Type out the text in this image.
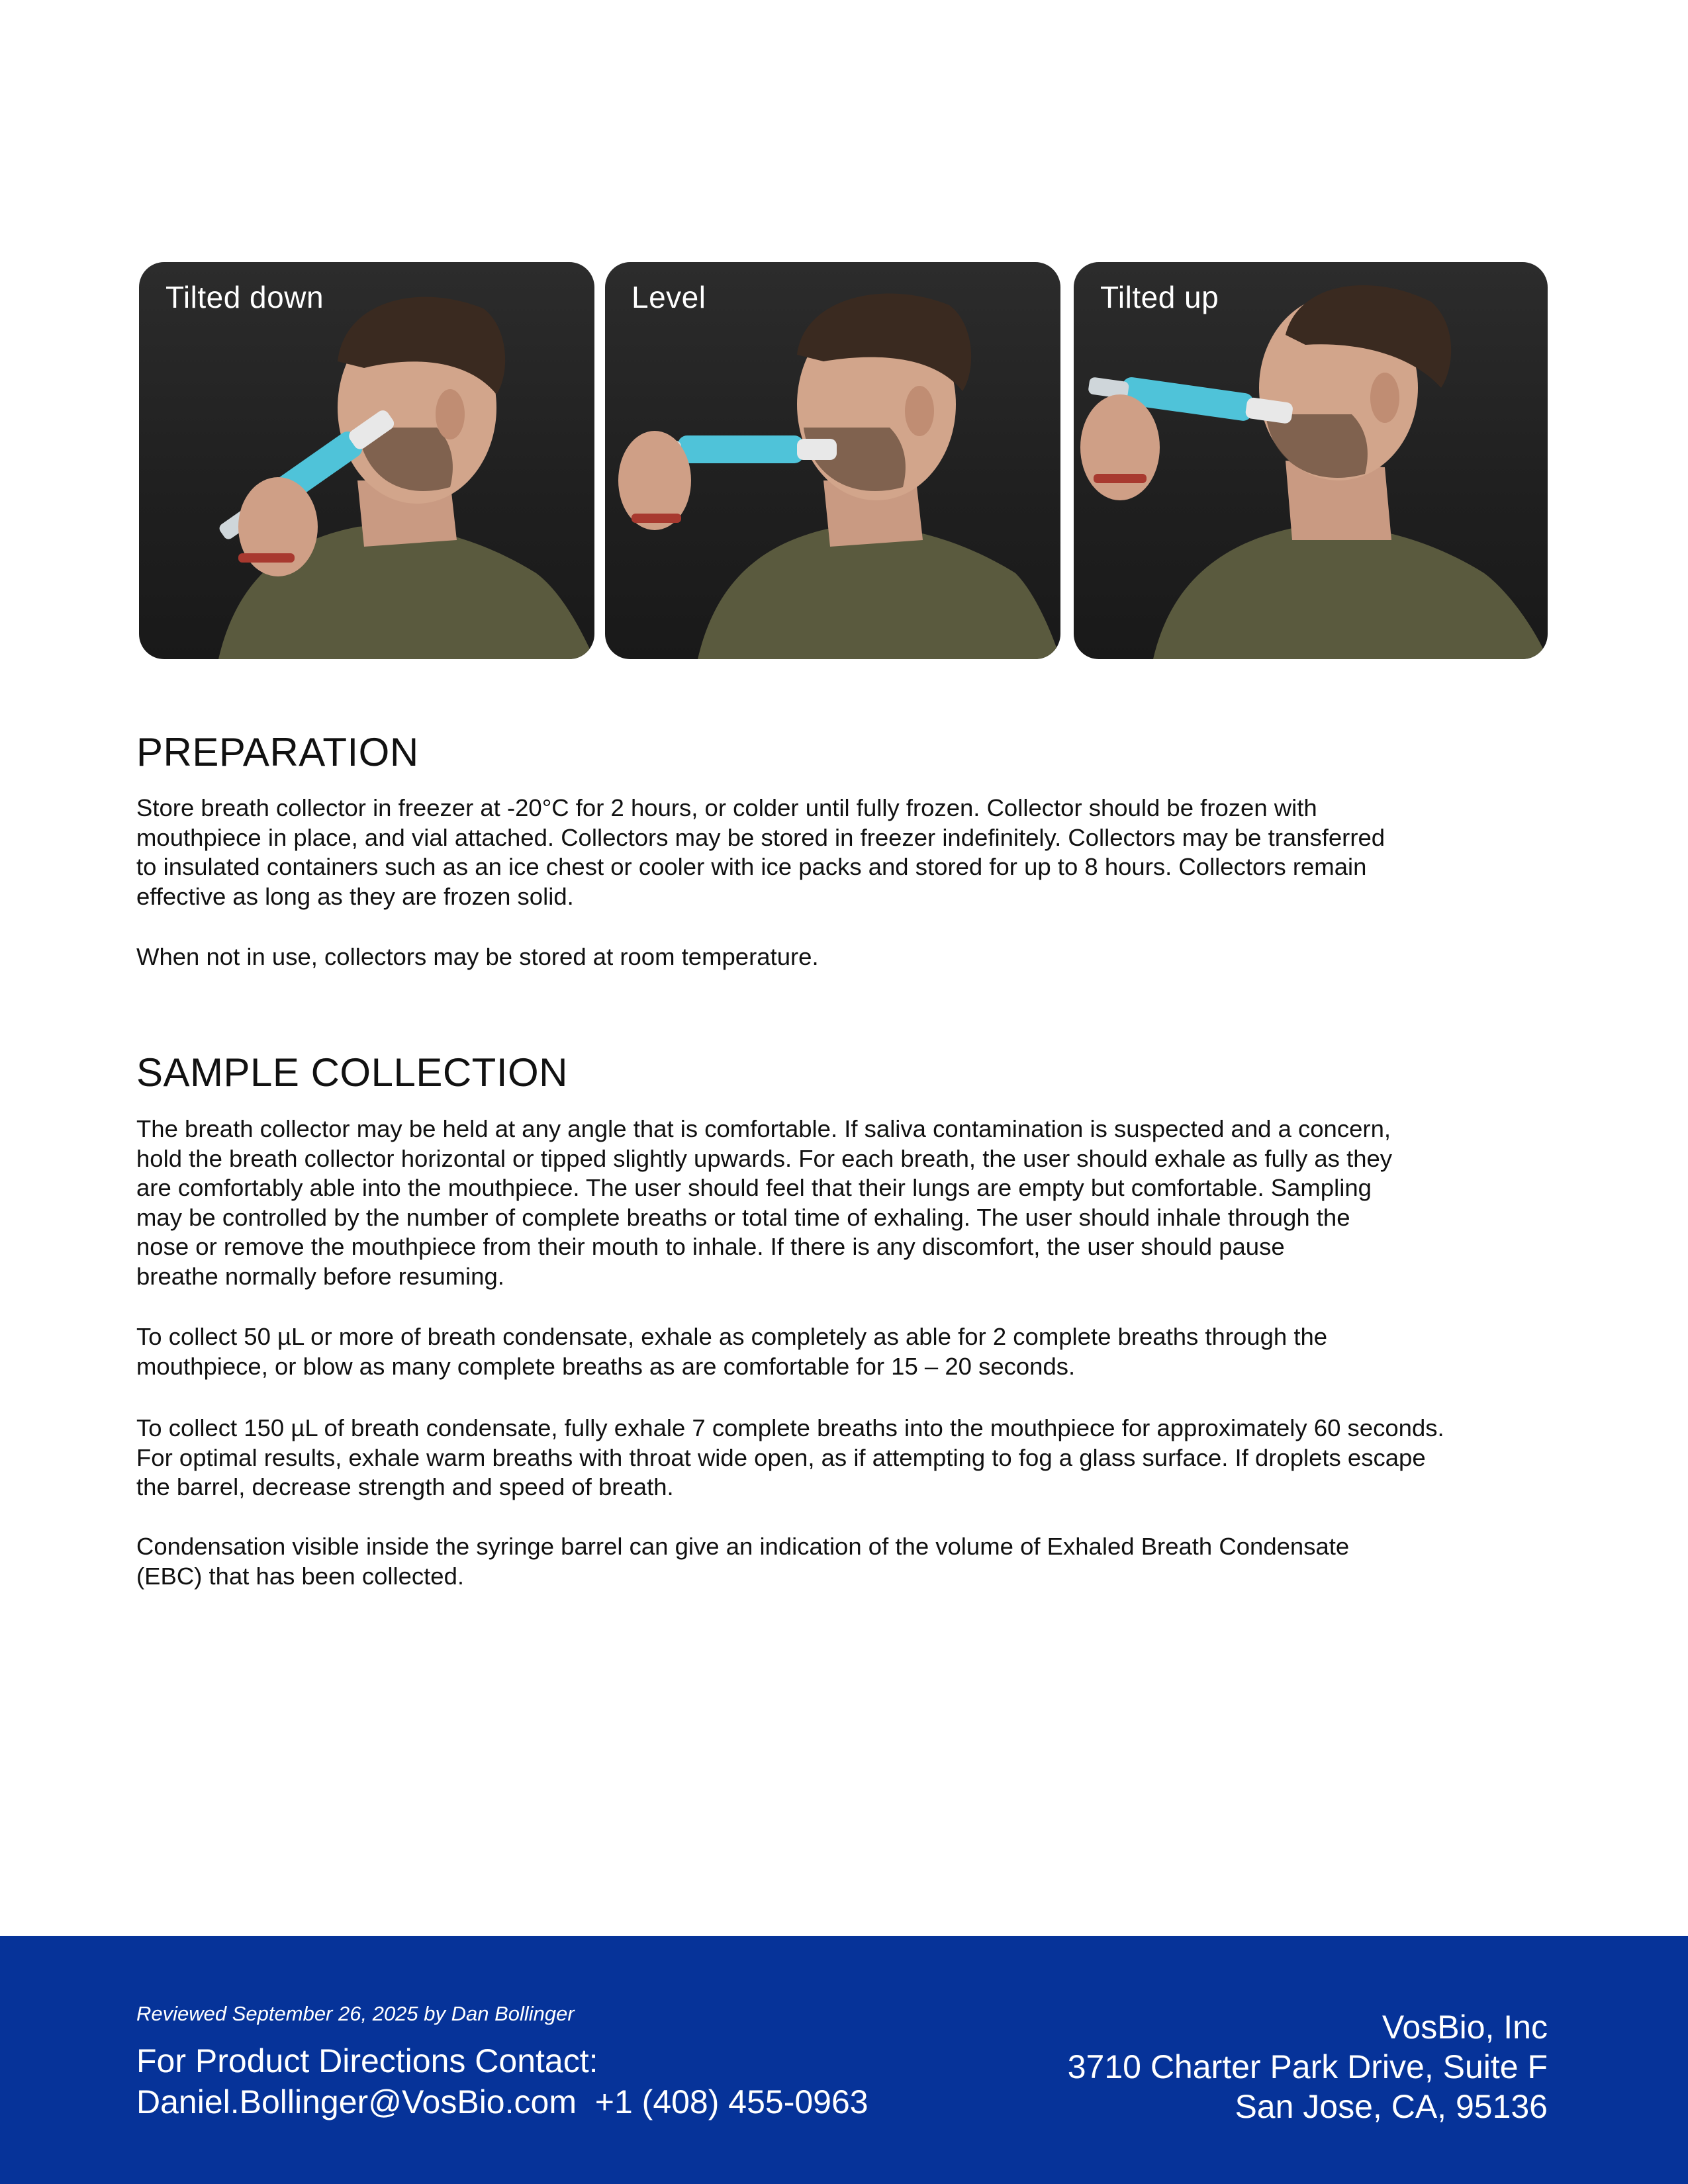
Tilted down	Level	Tilted up
PREPARATION

Store breath collector in freezer at -20°C for 2 hours, or colder until fully frozen. Collector should be frozen with
mouthpiece in place, and vial attached. Collectors may be stored in freezer indefinitely. Collectors may be transferred
to insulated containers such as an ice chest or cooler with ice packs and stored for up to 8 hours. Collectors remain
effective as long as they are frozen solid.

When not in use, collectors may be stored at room temperature.

SAMPLE COLLECTION

The breath collector may be held at any angle that is comfortable. If saliva contamination is suspected and a concern,
hold the breath collector horizontal or tipped slightly upwards. For each breath, the user should exhale as fully as they
are comfortably able into the mouthpiece. The user should feel that their lungs are empty but comfortable. Sampling
may be controlled by the number of complete breaths or total time of exhaling. The user should inhale through the
nose or remove the mouthpiece from their mouth to inhale. If there is any discomfort, the user should pause
breathe normally before resuming.

To collect 50 µL or more of breath condensate, exhale as completely as able for 2 complete breaths through the
mouthpiece, or blow as many complete breaths as are comfortable for 15 – 20 seconds.

To collect 150 µL of breath condensate, fully exhale 7 complete breaths into the mouthpiece for approximately 60 seconds.
For optimal results, exhale warm breaths with throat wide open, as if attempting to fog a glass surface. If droplets escape
the barrel, decrease strength and speed of breath.

Condensation visible inside the syringe barrel can give an indication of the volume of Exhaled Breath Condensate
(EBC) that has been collected.

Reviewed September 26, 2025 by Dan Bollinger
For Product Directions Contact:
Daniel.Bollinger@VosBio.com +1 (408) 455-0963
VosBio, Inc
3710 Charter Park Drive, Suite F
San Jose, CA, 95136
